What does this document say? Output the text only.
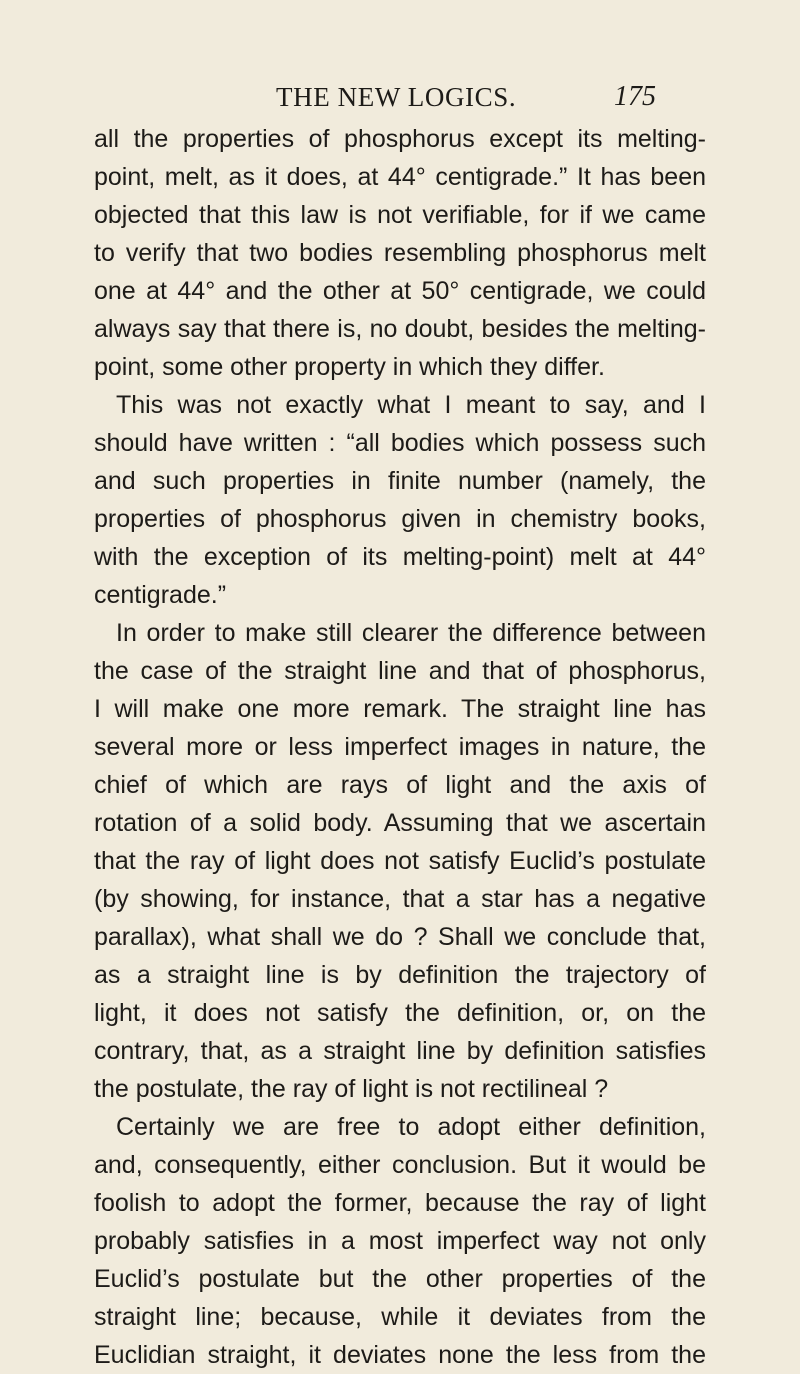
THE NEW LOGICS.	175
all the properties of phosphorus except its melting-
point, melt, as it does, at 44° centigrade.” It has been
objected that this law is not verifiable, for if we came
to verify that two bodies resembling phosphorus melt
one at 44° and the other at 50° centigrade, we could
always say that there is, no doubt, besides the melting-
point, some other property in which they differ.
This was not exactly what I meant to say, and I
should have written : “all bodies which possess such
and such properties in finite number (namely, the
properties of phosphorus given in chemistry books,
with the exception of its melting-point) melt at 44°
centigrade.”
In order to make still clearer the difference between
the case of the straight line and that of phosphorus,
I will make one more remark. The straight line has
several more or less imperfect images in nature, the
chief of which are rays of light and the axis of
rotation of a solid body. Assuming that we ascertain
that the ray of light does not satisfy Euclid’s postulate
(by showing, for instance, that a star has a negative
parallax), what shall we do ? Shall we conclude that,
as a straight line is by definition the trajectory of
light, it does not satisfy the definition, or, on the
contrary, that, as a straight line by definition satisfies
the postulate, the ray of light is not rectilineal ?
Certainly we are free to adopt either definition,
and, consequently, either conclusion. But it would be
foolish to adopt the former, because the ray of light
probably satisfies in a most imperfect way not only
Euclid’s postulate but the other properties of the
straight line; because, while it deviates from the
Euclidian straight, it deviates none the less from the
